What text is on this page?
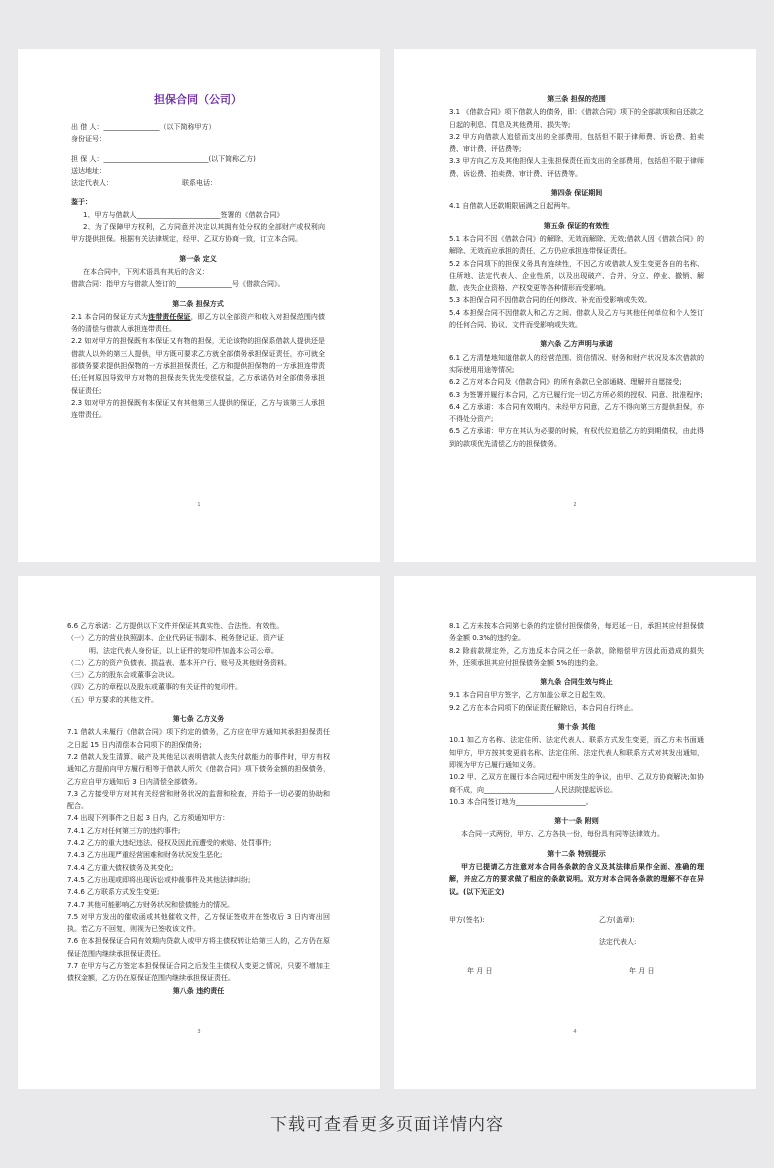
担保合同（公司）
出 借 人：________________（以下简称甲方）
身份证号：
担 保 人：______________________________(以下简称乙方)
送达地址：
法定代表人：	联系电话：
鉴于：
1、甲方与借款人________________________签署的《借款合同》
2、为了保障甲方权利，乙方同意并决定以其拥有处分权的全部财产或权利向甲方提供担保。根据有关法律规定，经甲、乙双方协商一致，订立本合同。
第一条 定义
在本合同中，下列术语具有其后的含义：
借款合同：指甲方与借款人签订的________________号《借款合同》。
第二条 担保方式
2.1 本合同的保证方式为连带责任保证，即乙方以全部资产和收入对担保范围内债务的清偿与借款人承担连带责任。
2.2 如对甲方的担保既有本保证又有物的担保，无论该物的担保系借款人提供还是借款人以外的第三人提供，甲方既可要求乙方就全部债务承担保证责任，亦可就全部债务要求提供担保物的一方承担担保责任，乙方和提供担保物的一方承担连带责任;任何原因导致甲方对物的担保丧失优先受偿权益，乙方承诺仍对全部债务承担保证责任;
2.3 如对甲方的担保既有本保证又有其他第三人提供的保证，乙方与该第三人承担连带责任。
1
第三条 担保的范围
3.1 《借款合同》项下借款人的债务，即：《借款合同》项下的全部款项和自还款之日起的利息、罚息及其他费用、损失等;
3.2 甲方向借款人追偿而支出的全部费用，包括但不限于律师费、诉讼费、拍卖费、审计费、评估费等;
3.3 甲方向乙方及其他担保人主张担保责任而支出的全部费用，包括但不限于律师费、诉讼费、拍卖费、审计费、评估费等。
第四条 保证期间
4.1 自借款人还款期限届满之日起两年。
第五条 保证的有效性
5.1 本合同不因《借款合同》的解除、无效而解除、无效;借款人因《借款合同》的解除、无效而应承担的责任，乙方仍应承担连带保证责任。
5.2 本合同项下的担保义务具有连续性，不因乙方或借款人发生变更各自的名称、住所地、法定代表人、企业性质，以及出现破产、合并、分立、停业、撤销、解散、丧失企业资格、产权变更等各种情形而受影响。
5.3 本担保合同不因借款合同的任何修改、补充而受影响或失效。
5.4 本担保合同不因借款人和乙方之间、借款人及乙方与其他任何单位和个人签订的任何合同、协议、文件而受影响或失效。
第六条 乙方声明与承诺
6.1 乙方清楚地知道借款人的经营范围、资信情况、财务和财产状况及本次借款的实际使用用途等情况;
6.2 乙方对本合同及《借款合同》的所有条款已全部通晓、理解并自愿接受;
6.3 为签署并履行本合同，乙方已履行完一切乙方所必须的授权、同意、批准程序;
6.4 乙方承诺：本合同有效期内，未经甲方同意，乙方不得向第三方提供担保，亦不得处分资产;
6.5 乙方承诺：甲方在其认为必要的时候，有权代位追偿乙方的到期债权，由此得到的款项优先清偿乙方的担保债务。
2
6.6 乙方承诺：乙方提供以下文件并保证其真实性、合法性、有效性。
（一）乙方的营业执照副本、企业代码证书副本、税务登记证、资产证
明、法定代表人身份证，以上证件的复印件加盖本公司公章。
（二）乙方的资产负债表、损益表、基本开户行、账号及其他财务资料。
（三）乙方的股东会或董事会决议。
（四）乙方的章程以及股东或董事的有关证件的复印件。
（五）甲方要求的其他文件。
第七条 乙方义务
7.1 借款人未履行《借款合同》项下约定的债务，乙方应在甲方通知其承担担保责任之日起 15 日内清偿本合同项下的担保债务;
7.2 借款人发生清算、破产及其他足以表明借款人丧失付款能力的事件时，甲方有权通知乙方提前向甲方履行相等于借款人所欠《借款合同》项下债务金额的担保债务，乙方应自甲方通知后 3 日内清偿全部债务。
7.3 乙方接受甲方对其有关经营和财务状况的监督和检查，并给予一切必要的协助和配合。
7.4 出现下列事件之日起 3 日内，乙方须通知甲方：
7.4.1 乙方对任何第三方的违约事件;
7.4.2 乙方的重大违纪违法、侵权及因此而遭受的索赔、处罚事件;
7.4.3 乙方出现严重经营困难和财务状况发生恶化;
7.4.4 乙方重大债权债务及其变化;
7.4.5 乙方出现或即将出现诉讼或仲裁事件及其他法律纠纷;
7.4.6 乙方联系方式发生变更;
7.4.7 其他可能影响乙方财务状况和偿债能力的情况。
7.5 对甲方发出的催收函或其他催收文件，乙方保证签收并在签收后 3 日内寄出回执。若乙方不回复，则视为已签收该文件。
7.6 在本担保保证合同有效期内贷款人或甲方将主债权转让给第三人的，乙方仍在原保证范围内继续承担保证责任。
7.7 在甲方与乙方签定本担保保证合同之后发生主债权人变更之情况，只要不增加主债权金额，乙方仍在原保证范围内继续承担保证责任。
第八条 违约责任
3
8.1 乙方未按本合同第七条的约定偿付担保债务，每迟延一日，承担其应付担保债务金额 0.3%的违约金。
8.2 除前款规定外，乙方违反本合同之任一条款，除赔偿甲方因此而造成的损失外，还须承担其应付担保债务金额 5%的违约金。
第九条 合同生效与终止
9.1 本合同自甲方签字，乙方加盖公章之日起生效。
9.2 乙方在本合同项下的保证责任解除后，本合同自行终止。
第十条 其他
10.1 如乙方名称、法定住所、法定代表人、联系方式发生变更，而乙方未书面通知甲方，甲方按其变更前名称、法定住所、法定代表人和联系方式对其发出通知，即视为甲方已履行通知义务。
10.2 甲、乙双方在履行本合同过程中所发生的争议，由甲、乙双方协商解决;如协商不成，向____________________人民法院提起诉讼。
10.3 本合同签订地为____________________。
第十一条 附则
本合同一式两份，甲方、乙方各执一份，每份具有同等法律效力。
第十二条 特别提示
甲方已提请乙方注意对本合同各条款的含义及其法律后果作全面、准确的理解，并应乙方的要求做了相应的条款说明。双方对本合同各条款的理解不存在异议。(以下无正文)
甲方(签名):	乙方(盖章):
法定代表人:
年 月 日	年 月 日
4
下载可查看更多页面详情内容
